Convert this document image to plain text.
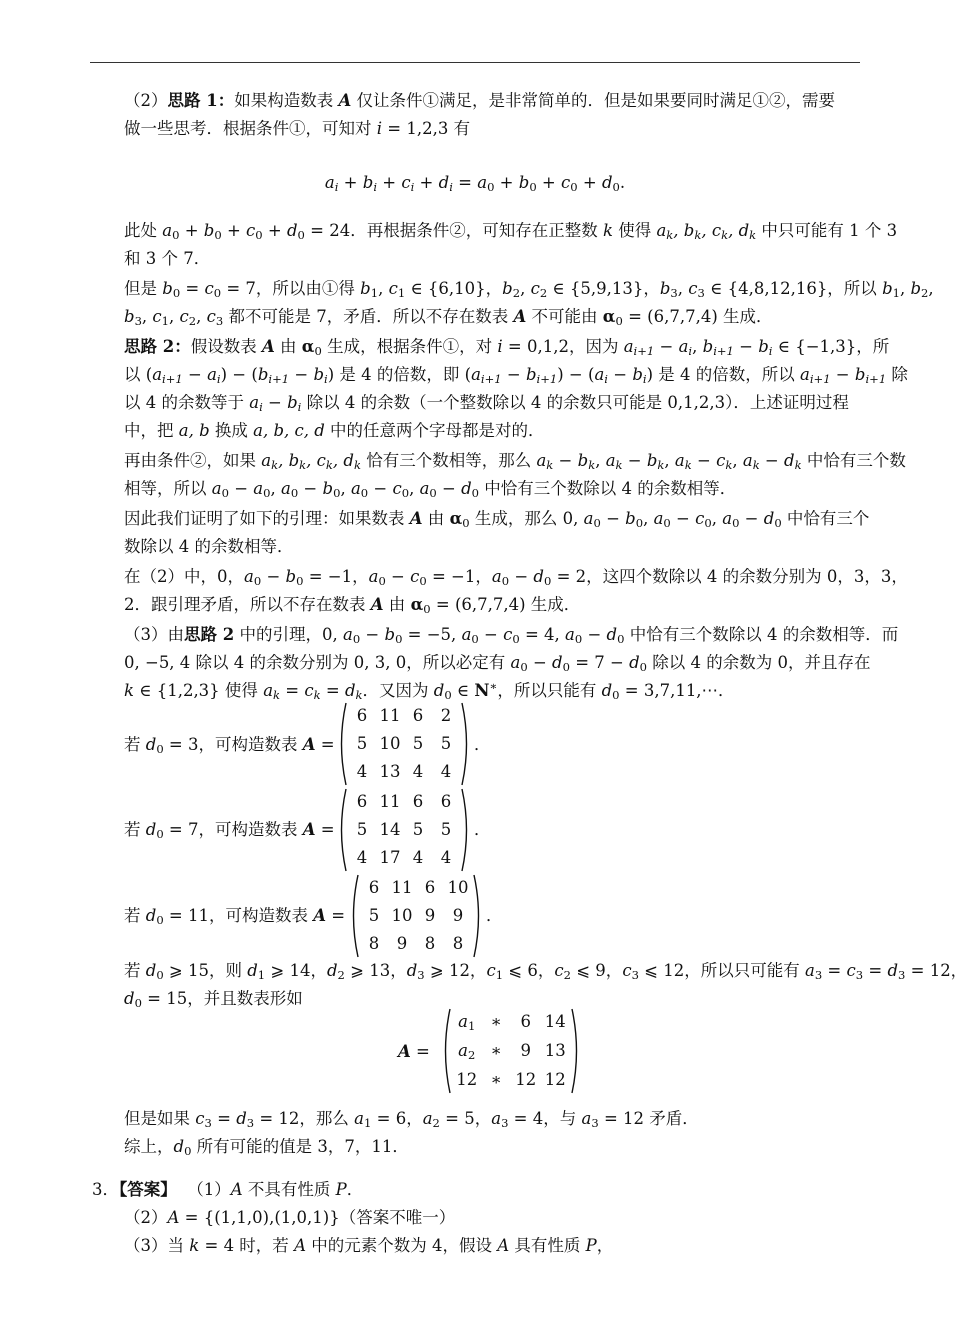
（2）思路 1：如果构造数表 A 仅让条件①满足，是非常简单的．但是如果要同时满足①②，需要
做一些思考．根据条件①，可知对 i = 1,2,3 有
$a_i + b_i + c_i + d_i = a_0 + b_0 + c_0 + d_0$.
此处 $a_0 + b_0 + c_0 + d_0 = 24$．再根据条件②，可知存在正整数 k 使得 $a_k$, $b_k$, $c_k$, $d_k$ 中只可能有 1 个 3
和 3 个 7．
但是 $b_0 = c_0 = 7$，所以由①得 $b_1$, $c_1$ ∈ {6,10}，$b_2$, $c_2$ ∈ {5,9,13}，$b_3$, $c_3$ ∈ {4,8,12,16}，所以 $b_1$, $b_2$,
$b_3$, $c_1$, $c_2$, $c_3$ 都不可能是 7，矛盾．所以不存在数表 A 不可能由 $\alpha_0 = (6,7,7,4)$ 生成．
思路 2：假设数表 A 由 $\alpha_0$ 生成，根据条件①，对 i = 0,1,2，因为 $a_{i+1} - a_i$, $b_{i+1} - b_i$ ∈ {−1,3}，所
以 $(a_{i+1} - a_i) - (b_{i+1} - b_i)$ 是 4 的倍数，即 $(a_{i+1} - b_{i+1}) - (a_i - b_i)$ 是 4 的倍数，所以 $a_{i+1} - b_{i+1}$ 除
以 4 的余数等于 $a_i - b_i$ 除以 4 的余数（一个整数除以 4 的余数只可能是 0,1,2,3）．上述证明过程
中，把 a, b 换成 a, b, c, d 中的任意两个字母都是对的．
再由条件②，如果 $a_k$, $b_k$, $c_k$, $d_k$ 恰有三个数相等，那么 $a_k - b_k$, $a_k - b_k$, $a_k - c_k$, $a_k - d_k$ 中恰有三个数
相等，所以 $a_0 - a_0$, $a_0 - b_0$, $a_0 - c_0$, $a_0 - d_0$ 中恰有三个数除以 4 的余数相等．
因此我们证明了如下的引理：如果数表 A 由 $\alpha_0$ 生成，那么 0, $a_0 - b_0$, $a_0 - c_0$, $a_0 - d_0$ 中恰有三个
数除以 4 的余数相等．
在（2）中，0，$a_0 - b_0 = -1$，$a_0 - c_0 = -1$，$a_0 - d_0 = 2$，这四个数除以 4 的余数分别为 0，3，3，
2．跟引理矛盾，所以不存在数表 A 由 $\alpha_0 = (6,7,7,4)$ 生成．
（3）由思路 2 中的引理，0, $a_0 - b_0 = -5$, $a_0 - c_0 = 4$, $a_0 - d_0$ 中恰有三个数除以 4 的余数相等．而
0, −5, 4 除以 4 的余数分别为 0, 3, 0，所以必定有 $a_0 - d_0 = 7 - d_0$ 除以 4 的余数为 0，并且存在
k ∈ {1,2,3} 使得 $a_k = c_k = d_k$．又因为 $d_0$ ∈ N∗，所以只能有 $d_0$ = 3,7,11,⋯．
若 $d_0 = 3$，可构造数表 A =
6 11 6	2
5 10 5	5
4 13 4	4
．
若 $d_0 = 7$，可构造数表 A =
6 11 6	6
5 14 5	5
4 17 4	4
．
若 $d_0 = 11$，可构造数表 A =
6 11 6 10
5 10 9	9
8	9	8	8
．
若 $d_0$ ⩾ 15，则 $d_1$ ⩾ 14，$d_2$ ⩾ 13，$d_3$ ⩾ 12，$c_1$ ⩽ 6，$c_2$ ⩽ 9，$c_3$ ⩽ 12，所以只可能有 $a_3 = c_3 = d_3 = 12$，
$d_0 = 15$，并且数表形如
A =
$a_1$ ∗	6 14
$a_2$ ∗	9 13
12 ∗ 12 12
但是如果 $c_3 = d_3 = 12$，那么 $a_1 = 6$，$a_2 = 5$，$a_3 = 4$，与 $a_3 = 12$ 矛盾．
综上，$d_0$ 所有可能的值是 3，7，11．
3．【答案】 （1）A 不具有性质 P．
（2）A = {(1,1,0),(1,0,1)}（答案不唯一）
（3）当 k = 4 时，若 A 中的元素个数为 4，假设 A 具有性质 P，
